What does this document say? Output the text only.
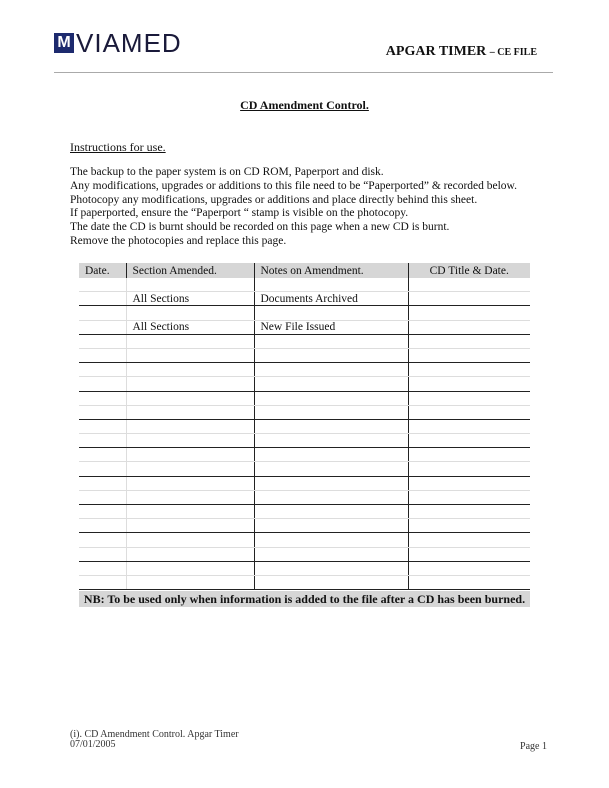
M VIAMED	APGAR TIMER – CE FILE
CD Amendment Control.
Instructions for use.
The backup to the paper system is on CD ROM, Paperport and disk.
Any modifications, upgrades or additions to this file need to be “Paperported” & recorded below.
Photocopy any modifications, upgrades or additions and place directly behind this sheet.
If paperported, ensure the “Paperport “ stamp is visible on the photocopy.
The date the CD is burnt should be recorded on this page when a new CD is burnt.
Remove the photocopies and replace this page.
Date.	Section Amended.	Notes on Amendment.	CD Title & Date.

	All Sections	Documents Archived	

	All Sections	New File Issued	

NB: To be used only when information is added to the file after a CD has been burned.
(i). CD Amendment Control. Apgar Timer
07/01/2005	Page 1
